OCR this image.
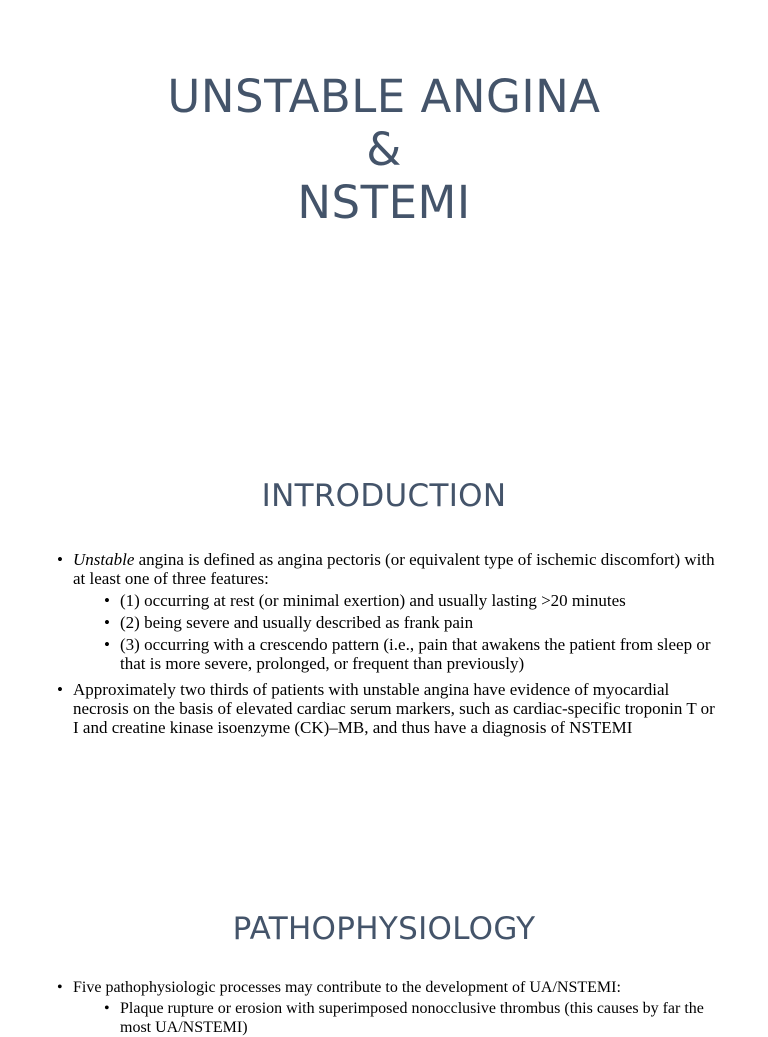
UNSTABLE ANGINA
&
NSTEMI
INTRODUCTION
• Unstable angina is defined as angina pectoris (or equivalent type of ischemic discomfort) with at least one of three features:
• (1) occurring at rest (or minimal exertion) and usually lasting >20 minutes
• (2) being severe and usually described as frank pain
• (3) occurring with a crescendo pattern (i.e., pain that awakens the patient from sleep or that is more severe, prolonged, or frequent than previously)
• Approximately two thirds of patients with unstable angina have evidence of myocardial necrosis on the basis of elevated cardiac serum markers, such as cardiac-specific troponin T or I and creatine kinase isoenzyme (CK)–MB, and thus have a diagnosis of NSTEMI
PATHOPHYSIOLOGY
• Five pathophysiologic processes may contribute to the development of UA/NSTEMI:
• Plaque rupture or erosion with superimposed nonocclusive thrombus (this causes by far the most UA/NSTEMI)
